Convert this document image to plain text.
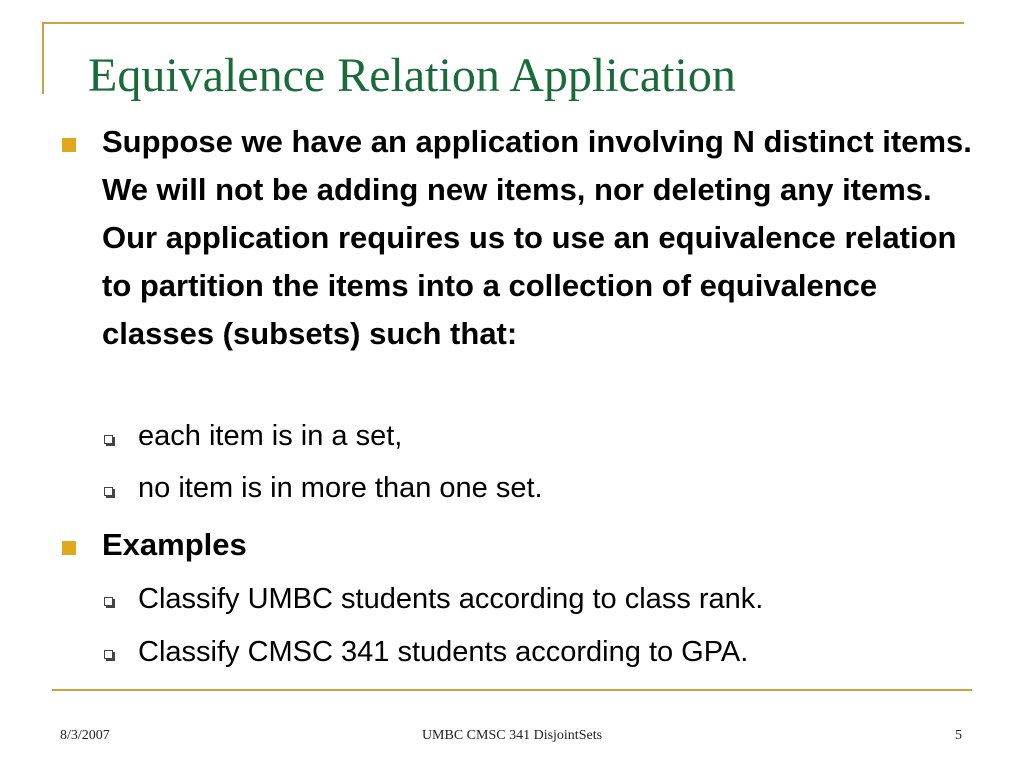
Equivalence Relation Application
Suppose we have an application involving N distinct items. We will not be adding new items, nor deleting any items. Our application requires us to use an equivalence relation to partition the items into a collection of equivalence classes (subsets) such that:
each item is in a set,
no item is in more than one set.
Examples
Classify UMBC students according to class rank.
Classify CMSC 341 students according to GPA.
8/3/2007	UMBC CMSC 341 DisjointSets	5
